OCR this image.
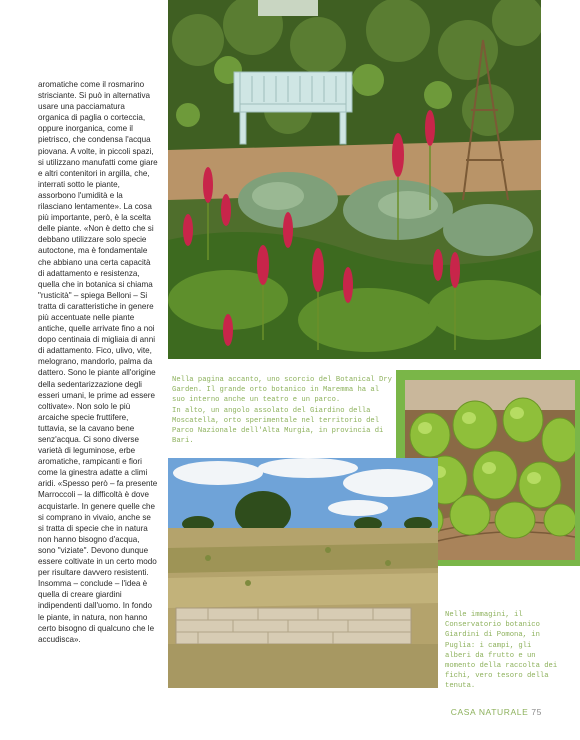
aromatiche come il rosmarino strisciante. Si può in alternativa usare una pacciamatura organica di paglia o corteccia, oppure inorganica, come il pietrisco, che condensa l'acqua piovana. A volte, in piccoli spazi, si utilizzano manufatti come giare e altri contenitori in argilla, che, interrati sotto le piante, assorbono l'umidità e la rilasciano lentamente». La cosa più importante, però, è la scelta delle piante. «Non è detto che si debbano utilizzare solo specie autoctone, ma è fondamentale che abbiano una certa capacità di adattamento e resistenza, quella che in botanica si chiama "rusticità" – spiega Belloni – Si tratta di caratteristiche in genere più accentuate nelle piante antiche, quelle arrivate fino a noi dopo centinaia di migliaia di anni di adattamento. Fico, ulivo, vite, melograno, mandorlo, palma da dattero. Sono le piante all'origine della sedentarizzazione degli esseri umani, le prime ad essere coltivate». Non solo le più arcaiche specie fruttifere, tuttavia, se la cavano bene senz'acqua. Ci sono diverse varietà di leguminose, erbe aromatiche, rampicanti e fiori come la ginestra adatte a climi aridi. «Spesso però – fa presente Marroccoli – la difficoltà è dove acquistarle. In genere quelle che si comprano in vivaio, anche se si tratta di specie che in natura non hanno bisogno d'acqua, sono "viziate". Devono dunque essere coltivate in un certo modo per risultare davvero resistenti. Insomma – conclude – l'idea è quella di creare giardini indipendenti dall'uomo. In fondo le piante, in natura, non hanno certo bisogno di qualcuno che le accudisca».

Nella pagina accanto, uno scorcio del Botanical Dry Garden. Il grande orto botanico in Maremma ha al suo interno anche un teatro e un parco.

In alto, un angolo assolato del Giardino della Moscatella, orto sperimentale nel territorio del Parco Nazionale dell'Alta Murgia, in provincia di Bari.

Nelle immagini, il Conservatorio botanico Giardini di Pomona, in Puglia: i campi, gli alberi da frutto e un momento della raccolta dei fichi, vero tesoro della tenuta.

CASA NATURALE 75
